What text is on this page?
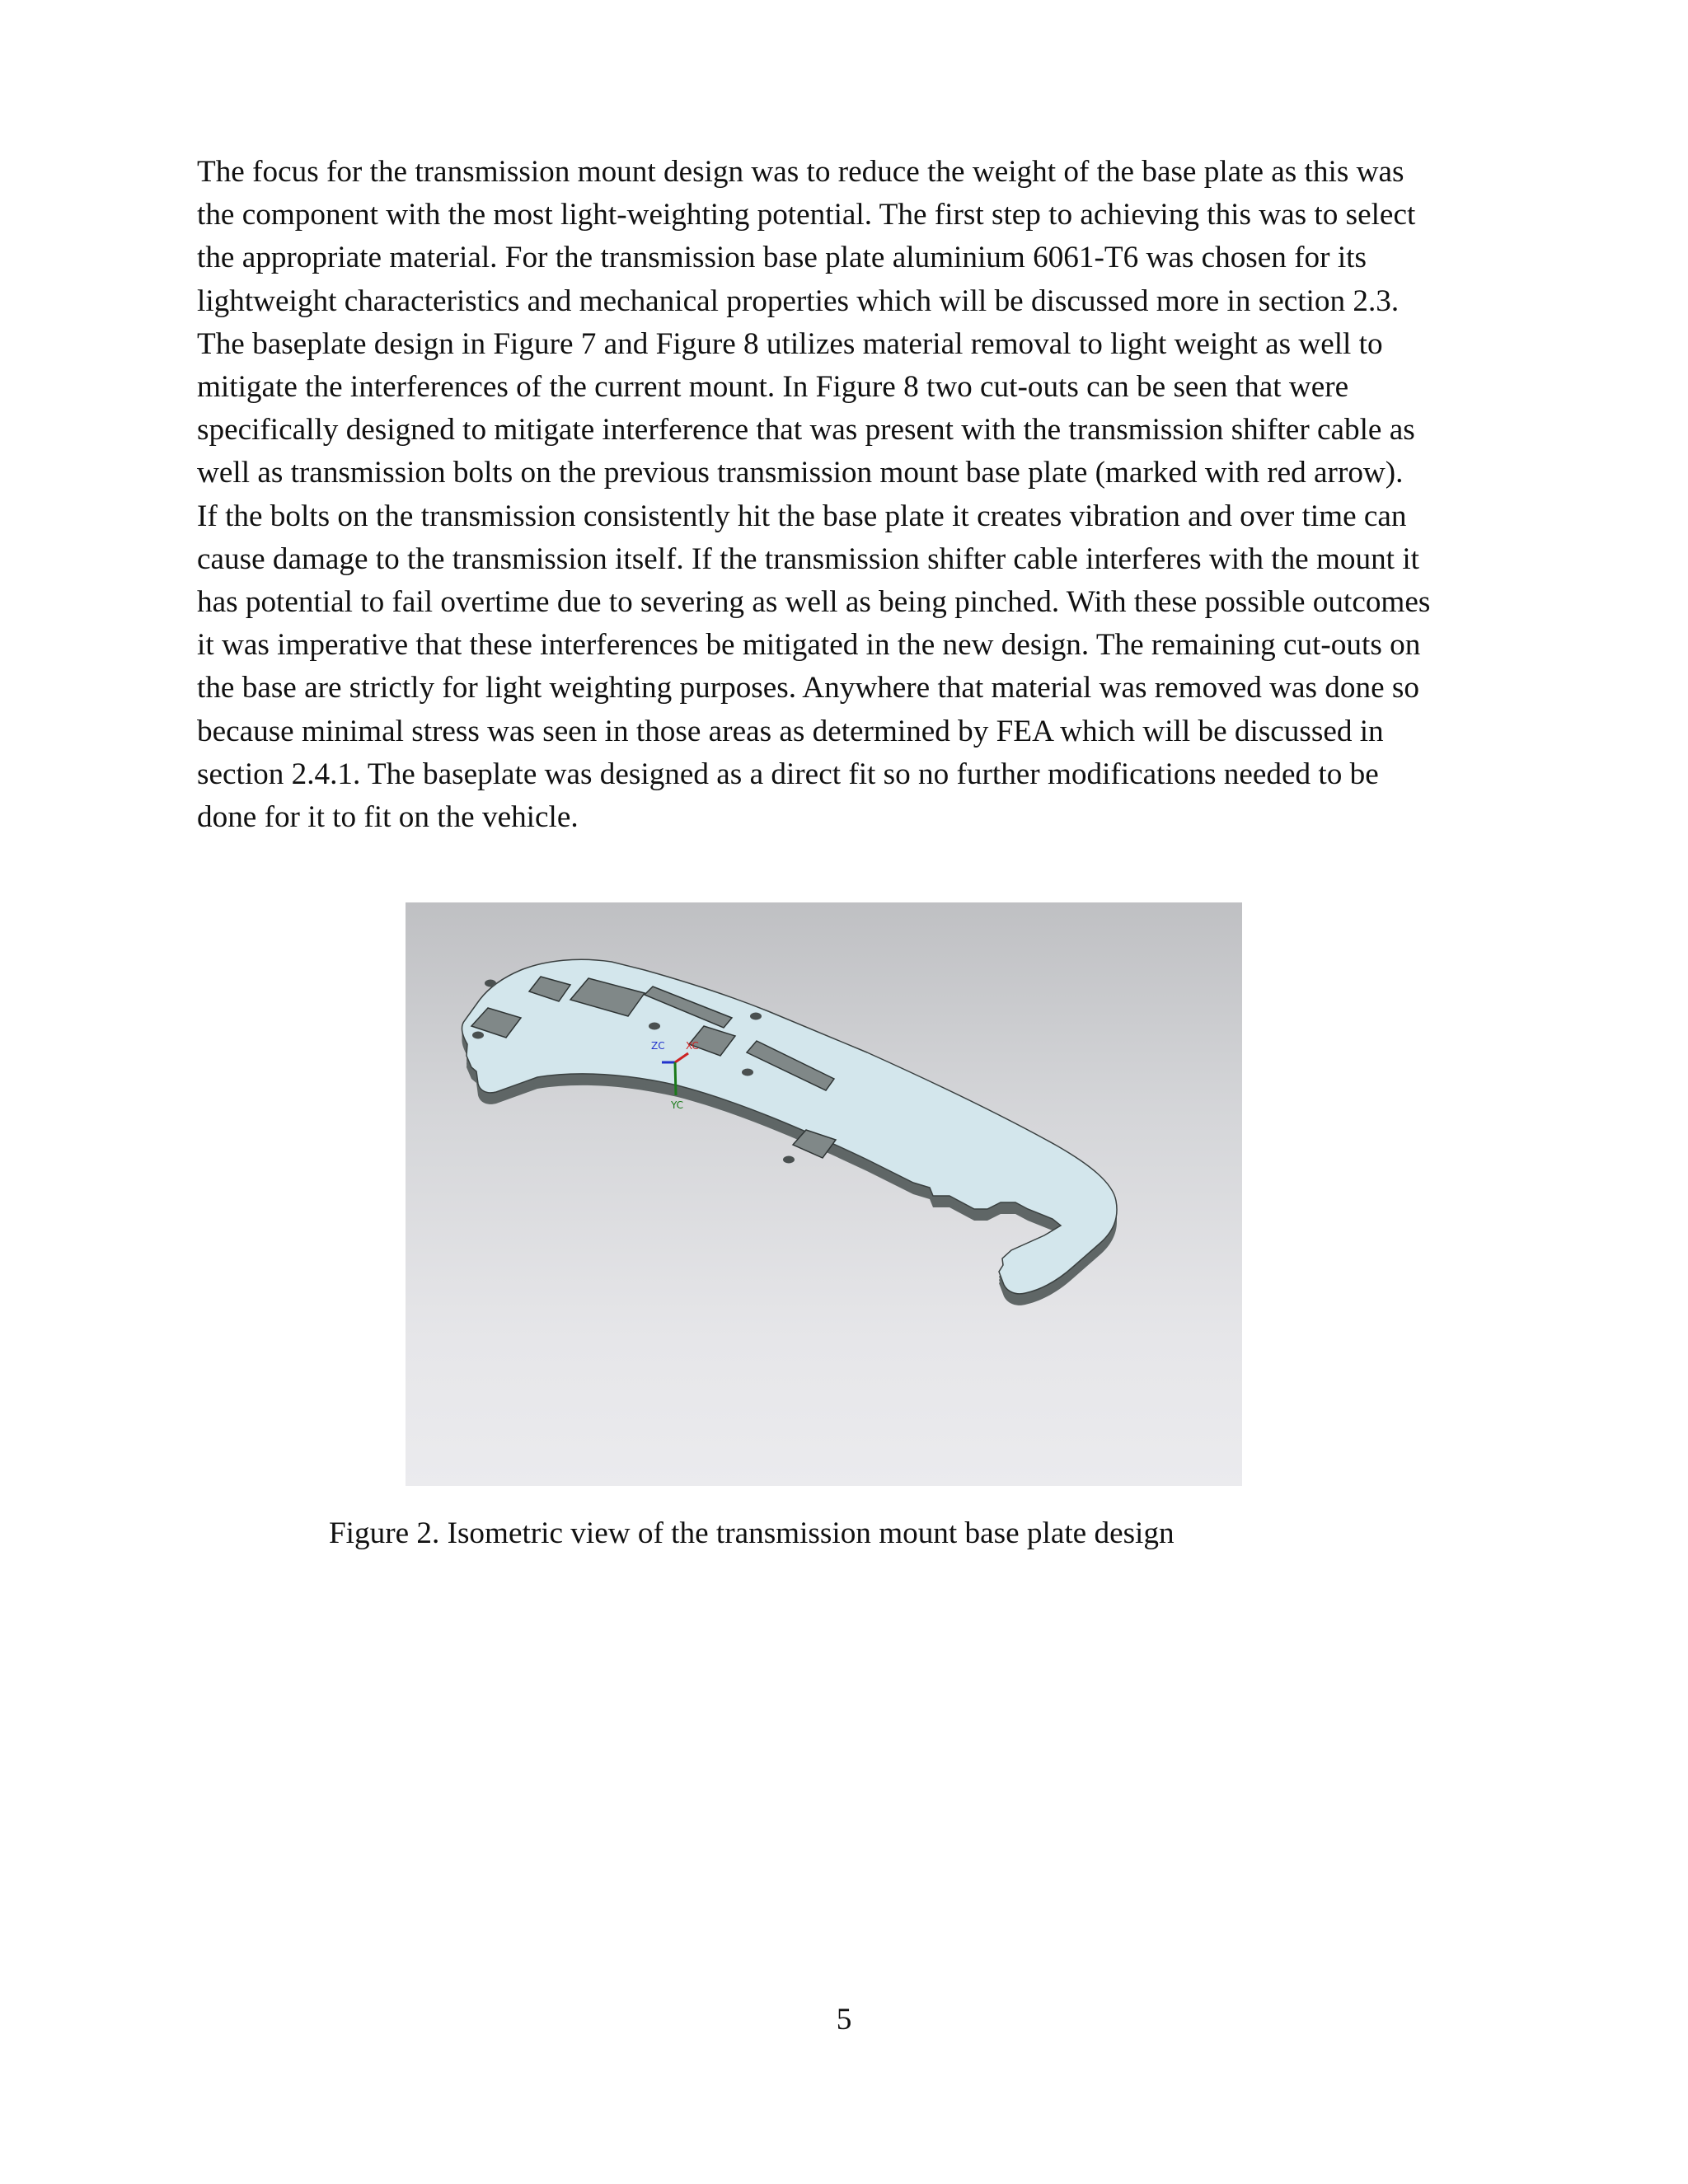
The focus for the transmission mount design was to reduce the weight of the base plate as this was
the component with the most light-weighting potential. The first step to achieving this was to select
the appropriate material. For the transmission base plate aluminium 6061-T6 was chosen for its
lightweight characteristics and mechanical properties which will be discussed more in section 2.3.
The baseplate design in Figure 7 and Figure 8 utilizes material removal to light weight as well to
mitigate the interferences of the current mount. In Figure 8 two cut-outs can be seen that were
specifically designed to mitigate interference that was present with the transmission shifter cable as
well as transmission bolts on the previous transmission mount base plate (marked with red arrow).
If the bolts on the transmission consistently hit the base plate it creates vibration and over time can
cause damage to the transmission itself. If the transmission shifter cable interferes with the mount it
has potential to fail overtime due to severing as well as being pinched. With these possible outcomes
it was imperative that these interferences be mitigated in the new design. The remaining cut-outs on
the base are strictly for light weighting purposes. Anywhere that material was removed was done so
because minimal stress was seen in those areas as determined by FEA which will be discussed in
section 2.4.1. The baseplate was designed as a direct fit so no further modifications needed to be
done for it to fit on the vehicle.
ZC XC
YC

Figure 2. Isometric view of the transmission mount base plate design

5
